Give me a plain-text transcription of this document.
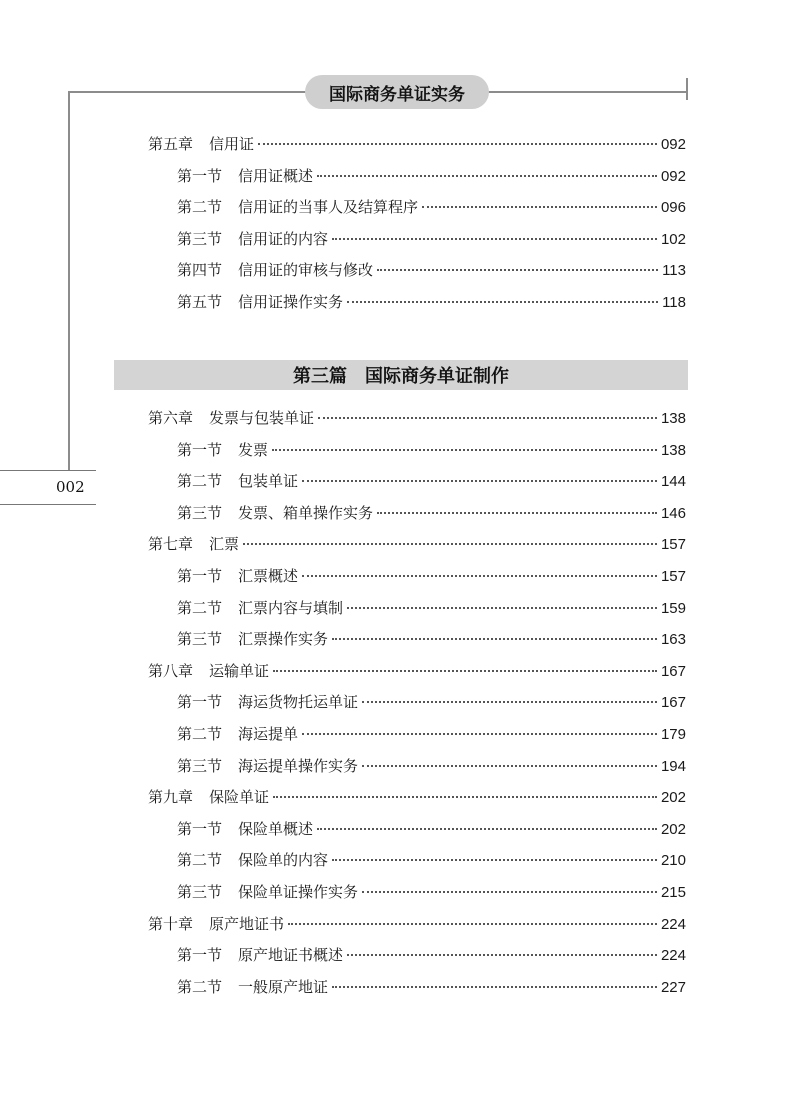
国际商务单证实务
002
第三篇　国际商务单证制作
第五章 信用证	092
第一节 信用证概述	092
第二节 信用证的当事人及结算程序	096
第三节 信用证的内容	102
第四节 信用证的审核与修改	113
第五节 信用证操作实务	118
第六章 发票与包装单证	138
第一节 发票	138
第二节 包装单证	144
第三节 发票、箱单操作实务	146
第七章 汇票	157
第一节 汇票概述	157
第二节 汇票内容与填制	159
第三节 汇票操作实务	163
第八章 运输单证	167
第一节 海运货物托运单证	167
第二节 海运提单	179
第三节 海运提单操作实务	194
第九章 保险单证	202
第一节 保险单概述	202
第二节 保险单的内容	210
第三节 保险单证操作实务	215
第十章 原产地证书	224
第一节 原产地证书概述	224
第二节 一般原产地证	227
